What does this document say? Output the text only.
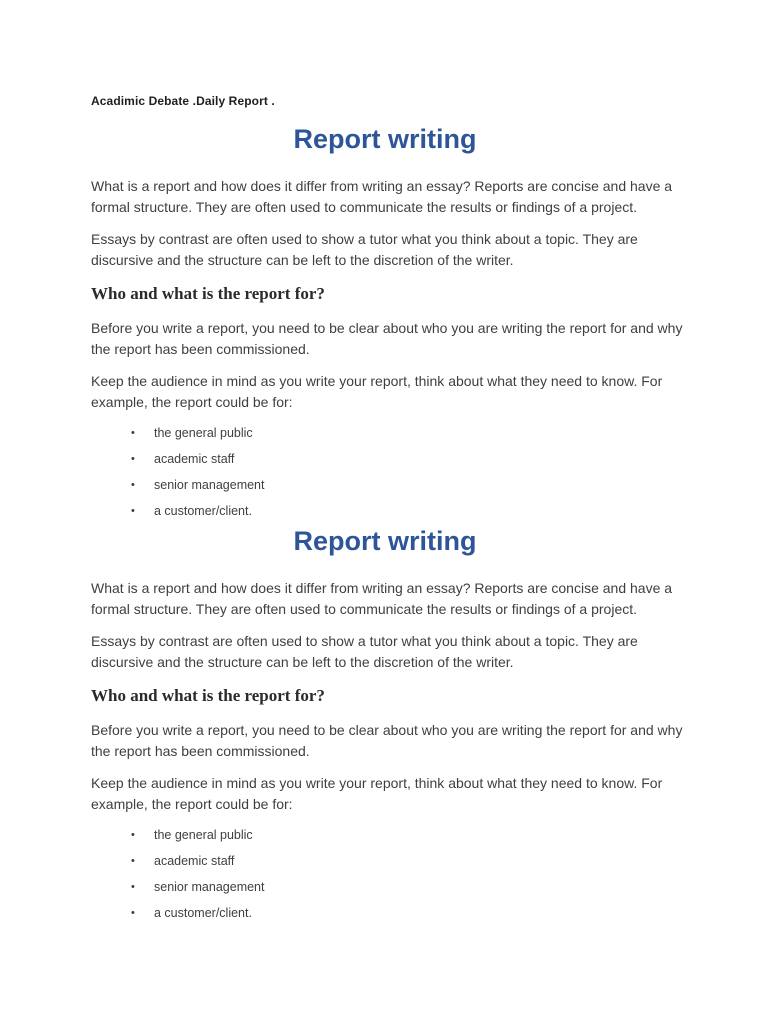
Acadimic Debate .Daily Report .
Report writing

What is a report and how does it differ from writing an essay? Reports are concise and have a formal structure. They are often used to communicate the results or findings of a project.

Essays by contrast are often used to show a tutor what you think about a topic. They are discursive and the structure can be left to the discretion of the writer.

Who and what is the report for?

Before you write a report, you need to be clear about who you are writing the report for and why the report has been commissioned.

Keep the audience in mind as you write your report, think about what they need to know. For example, the report could be for:

• the general public
• academic staff
• senior management
• a customer/client.
Report writing

What is a report and how does it differ from writing an essay? Reports are concise and have a formal structure. They are often used to communicate the results or findings of a project.

Essays by contrast are often used to show a tutor what you think about a topic. They are discursive and the structure can be left to the discretion of the writer.

Who and what is the report for?

Before you write a report, you need to be clear about who you are writing the report for and why the report has been commissioned.

Keep the audience in mind as you write your report, think about what they need to know. For example, the report could be for:

• the general public
• academic staff
• senior management
• a customer/client.
